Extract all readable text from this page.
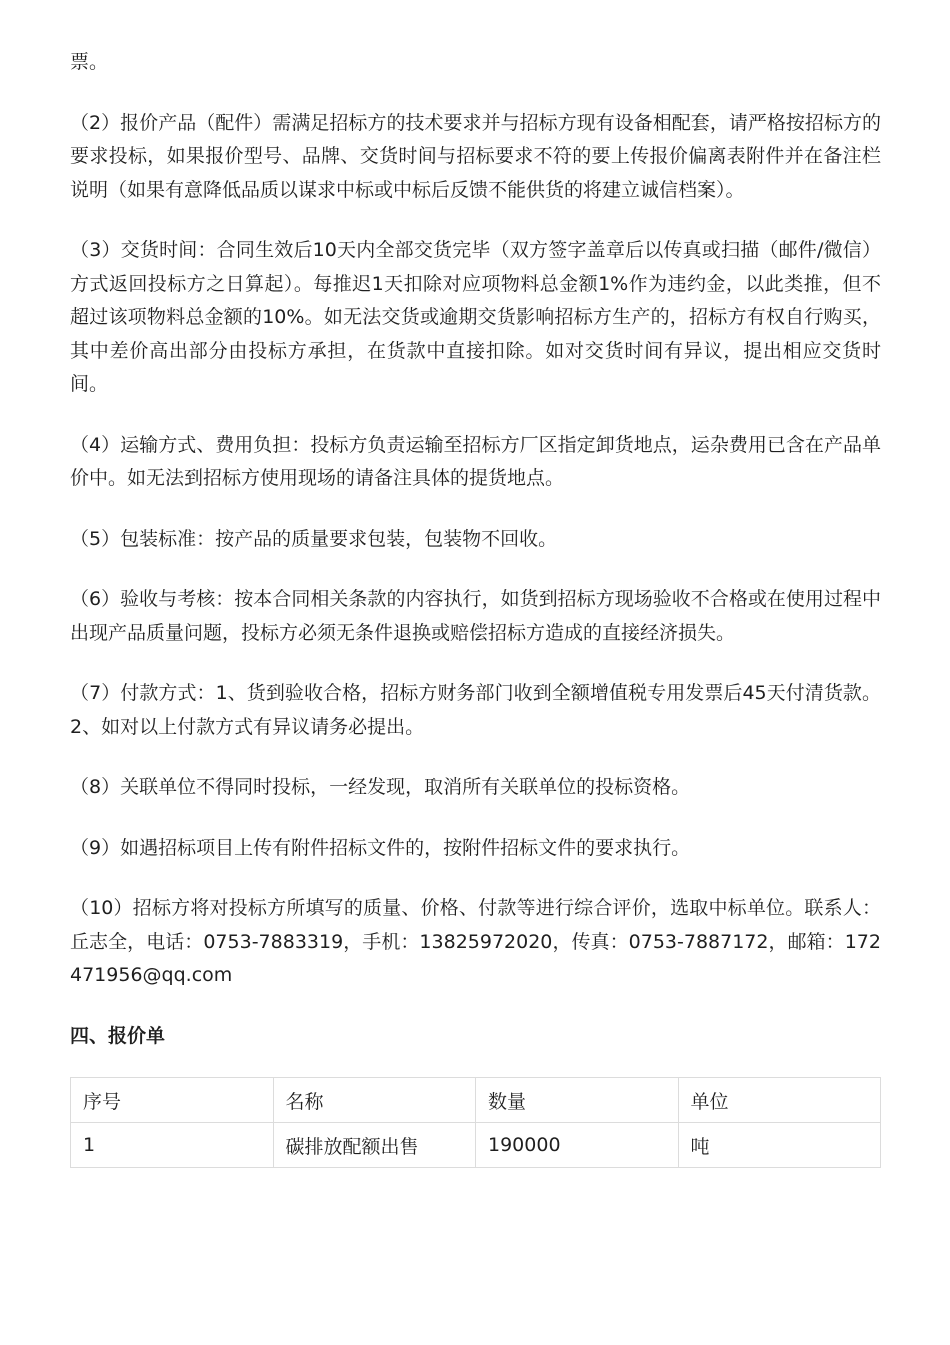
票。

（2）报价产品（配件）需满足招标方的技术要求并与招标方现有设备相配套，请严格按招标方的要求投标，如果报价型号、品牌、交货时间与招标要求不符的要上传报价偏离表附件并在备注栏说明（如果有意降低品质以谋求中标或中标后反馈不能供货的将建立诚信档案）。

（3）交货时间：合同生效后10天内全部交货完毕（双方签字盖章后以传真或扫描（邮件/微信）方式返回投标方之日算起）。每推迟1天扣除对应项物料总金额1%作为违约金，以此类推，但不超过该项物料总金额的10%。如无法交货或逾期交货影响招标方生产的，招标方有权自行购买，其中差价高出部分由投标方承担，在货款中直接扣除。如对交货时间有异议，提出相应交货时间。

（4）运输方式、费用负担：投标方负责运输至招标方厂区指定卸货地点，运杂费用已含在产品单价中。如无法到招标方使用现场的请备注具体的提货地点。

（5）包装标准：按产品的质量要求包装，包装物不回收。

（6）验收与考核：按本合同相关条款的内容执行，如货到招标方现场验收不合格或在使用过程中出现产品质量问题，投标方必须无条件退换或赔偿招标方造成的直接经济损失。

（7）付款方式：1、货到验收合格，招标方财务部门收到全额增值税专用发票后45天付清货款。2、如对以上付款方式有异议请务必提出。

（8）关联单位不得同时投标，一经发现，取消所有关联单位的投标资格。

（9）如遇招标项目上传有附件招标文件的，按附件招标文件的要求执行。

（10）招标方将对投标方所填写的质量、价格、付款等进行综合评价，选取中标单位。联系人：丘志全，电话：0753-7883319，手机：13825972020，传真：0753-7887172，邮箱：172471956@qq.com

四、报价单

序号	名称	数量	单位
1	碳排放配额出售	190000	吨
